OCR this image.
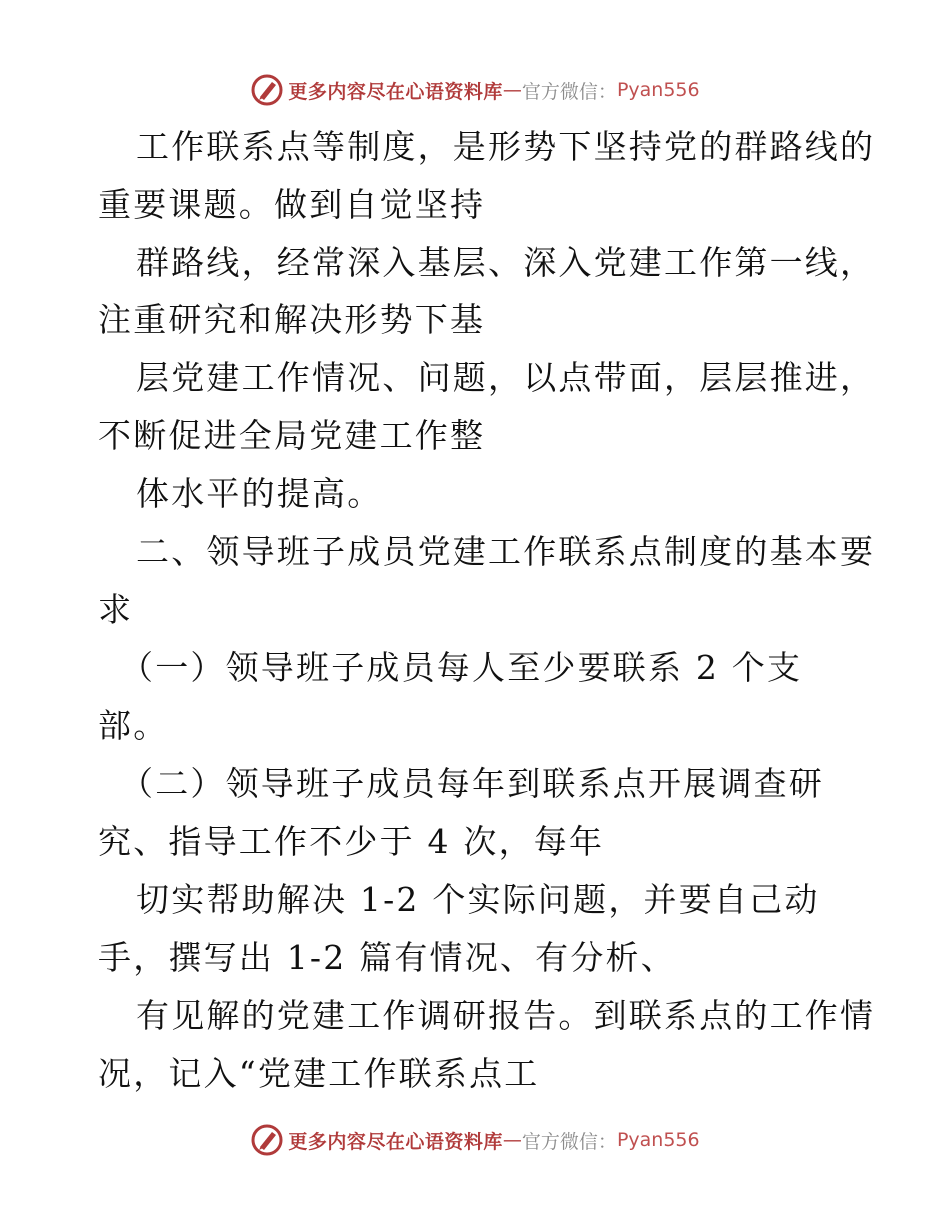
更多内容尽在心语资料库 — 官方微信： Pyan556
工作联系点等制度，是形势下坚持党的群路线的
重要课题。做到自觉坚持
群路线，经常深入基层、深入党建工作第一线，
注重研究和解决形势下基
层党建工作情况、问题，以点带面，层层推进，
不断促进全局党建工作整
体水平的提高。
二、领导班子成员党建工作联系点制度的基本要
求
（一）领导班子成员每人至少要联系 2 个支
部。
（二）领导班子成员每年到联系点开展调查研
究、指导工作不少于 4 次，每年
切实帮助解决 1-2 个实际问题，并要自己动
手，撰写出 1-2 篇有情况、有分析、
有见解的党建工作调研报告。到联系点的工作情
况，记入“党建工作联系点工
更多内容尽在心语资料库 — 官方微信： Pyan556
